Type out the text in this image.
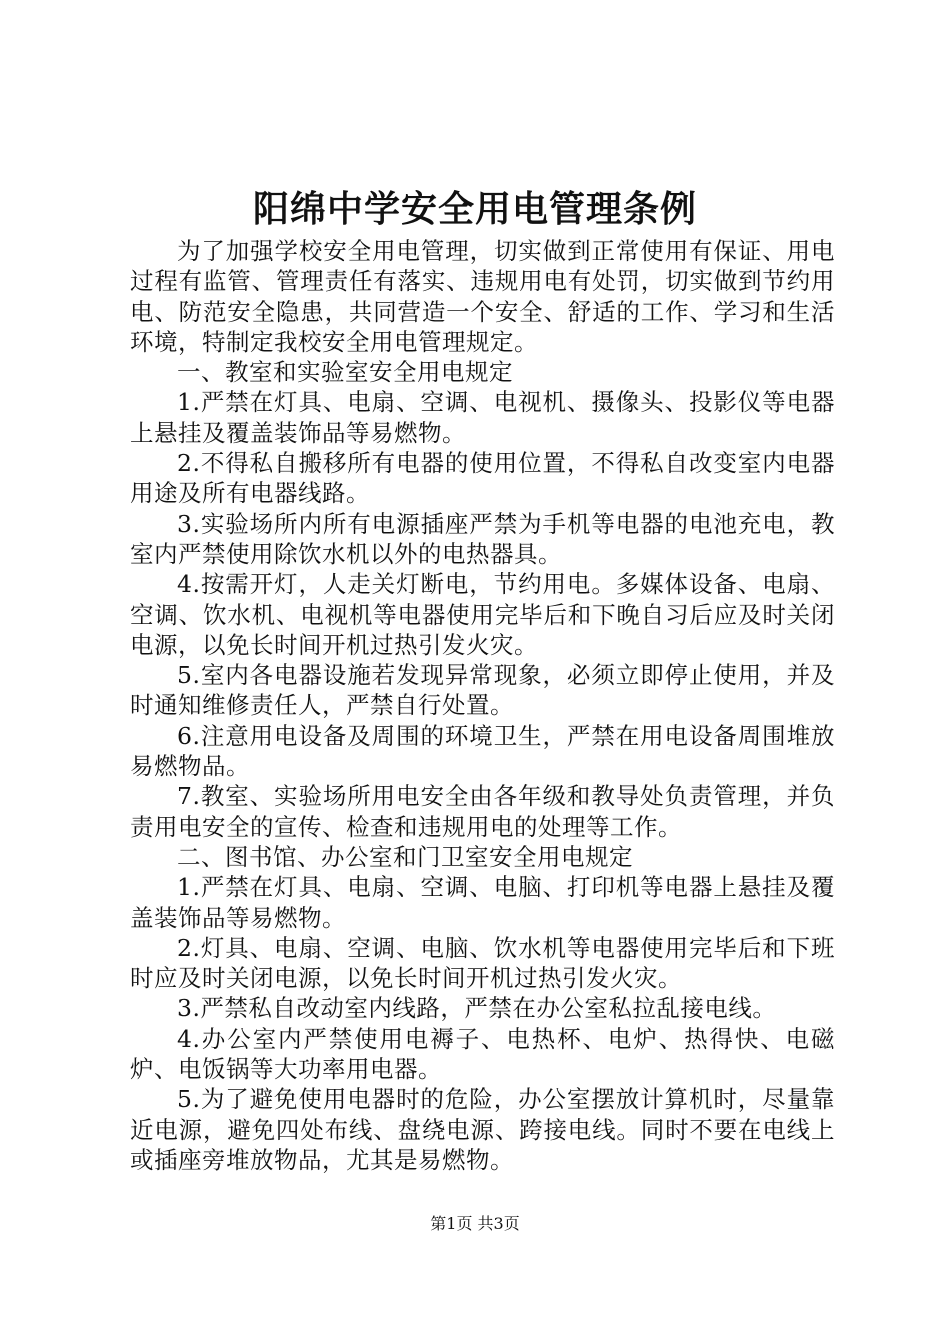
阳绵中学安全用电管理条例

为了加强学校安全用电管理，切实做到正常使用有保证、用电过程有监管、管理责任有落实、违规用电有处罚，切实做到节约用电、防范安全隐患，共同营造一个安全、舒适的工作、学习和生活环境，特制定我校安全用电管理规定。

一、教室和实验室安全用电规定

1.严禁在灯具、电扇、空调、电视机、摄像头、投影仪等电器上悬挂及覆盖装饰品等易燃物。

2.不得私自搬移所有电器的使用位置，不得私自改变室内电器用途及所有电器线路。

3.实验场所内所有电源插座严禁为手机等电器的电池充电，教室内严禁使用除饮水机以外的电热器具。

4.按需开灯，人走关灯断电，节约用电。多媒体设备、电扇、空调、饮水机、电视机等电器使用完毕后和下晚自习后应及时关闭电源，以免长时间开机过热引发火灾。

5.室内各电器设施若发现异常现象，必须立即停止使用，并及时通知维修责任人，严禁自行处置。

6.注意用电设备及周围的环境卫生，严禁在用电设备周围堆放易燃物品。

7.教室、实验场所用电安全由各年级和教导处负责管理，并负责用电安全的宣传、检查和违规用电的处理等工作。

二、图书馆、办公室和门卫室安全用电规定

1.严禁在灯具、电扇、空调、电脑、打印机等电器上悬挂及覆盖装饰品等易燃物。

2.灯具、电扇、空调、电脑、饮水机等电器使用完毕后和下班时应及时关闭电源，以免长时间开机过热引发火灾。

3.严禁私自改动室内线路，严禁在办公室私拉乱接电线。

4.办公室内严禁使用电褥子、电热杯、电炉、热得快、电磁炉、电饭锅等大功率用电器。

5.为了避免使用电器时的危险，办公室摆放计算机时，尽量靠近电源，避免四处布线、盘绕电源、跨接电线。同时不要在电线上或插座旁堆放物品，尤其是易燃物。

第1页 共3页
